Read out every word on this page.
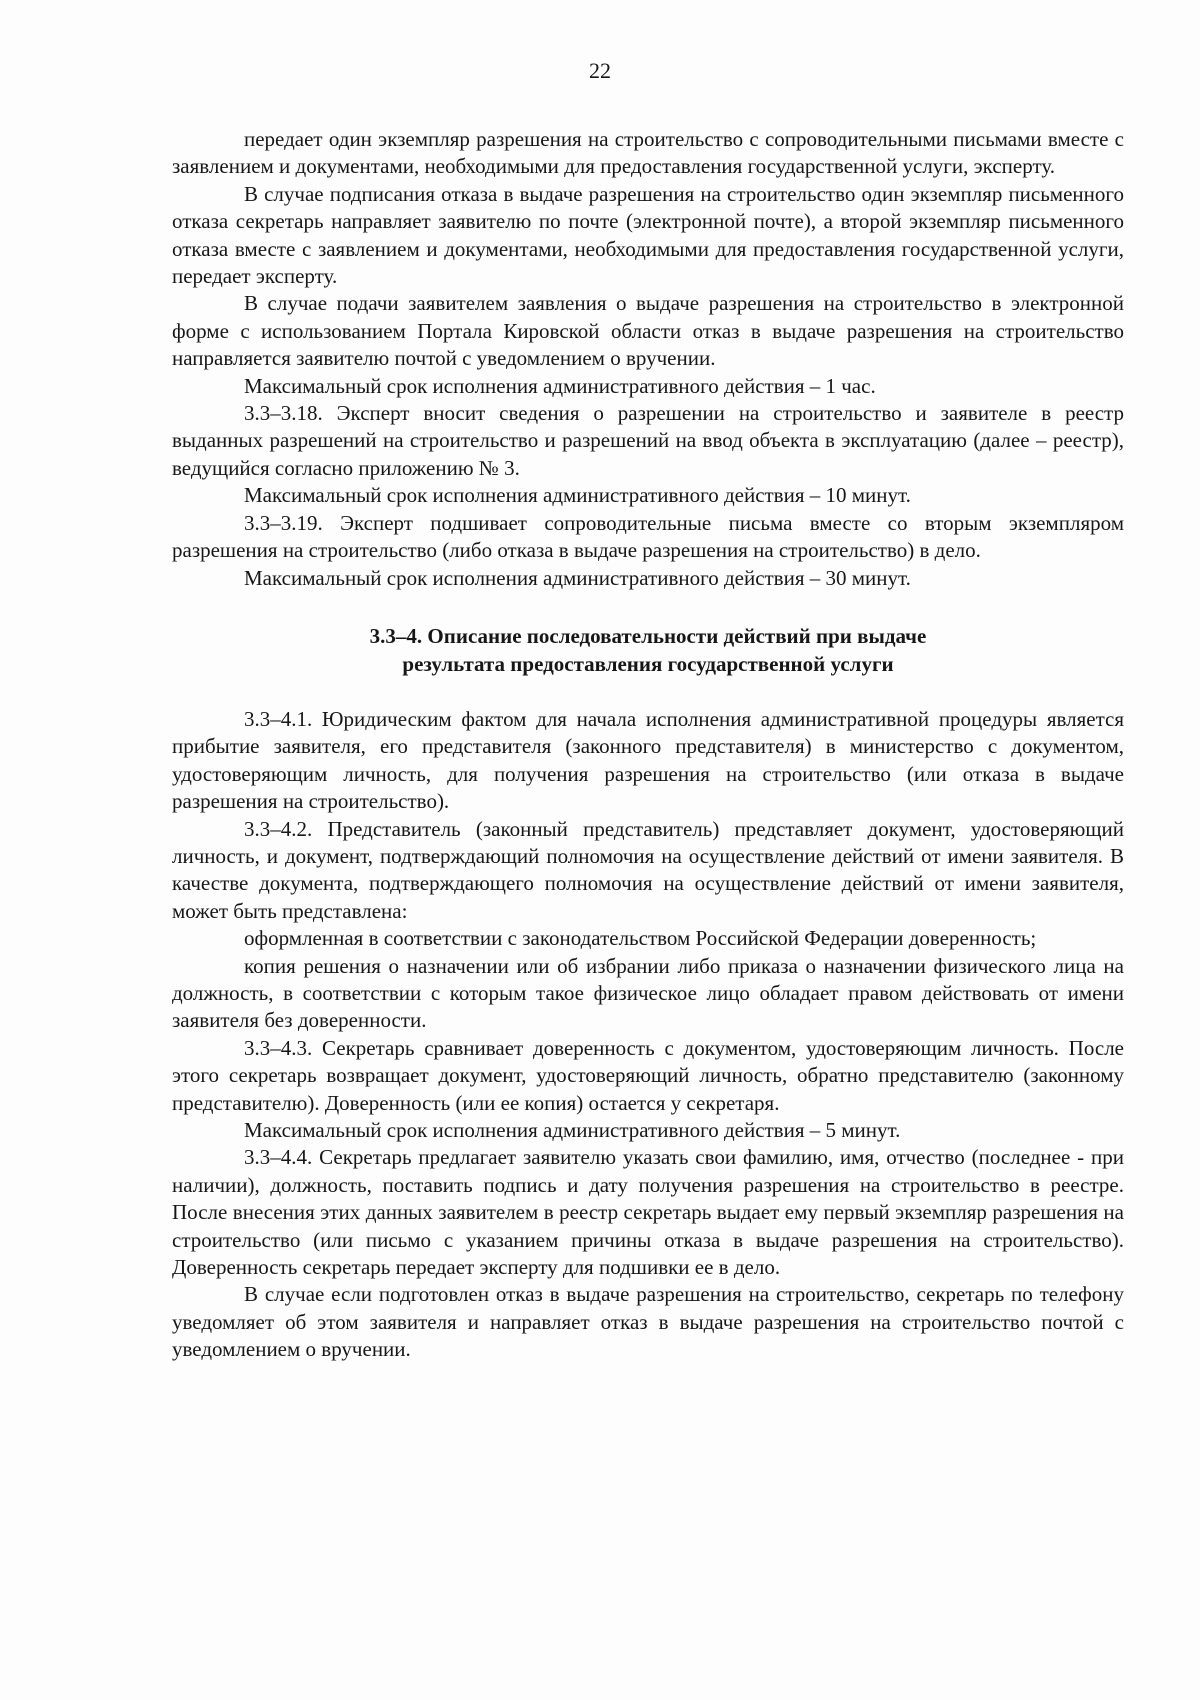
22

передает один экземпляр разрешения на строительство с сопроводительными письмами вместе с заявлением и документами, необходимыми для предоставления государственной услуги, эксперту.

В случае подписания отказа в выдаче разрешения на строительство один экземпляр письменного отказа секретарь направляет заявителю по почте (электронной почте), а второй экземпляр письменного отказа вместе с заявлением и документами, необходимыми для предоставления государственной услуги, передает эксперту.

В случае подачи заявителем заявления о выдаче разрешения на строительство в электронной форме с использованием Портала Кировской области отказ в выдаче разрешения на строительство направляется заявителю почтой с уведомлением о вручении.

Максимальный срок исполнения административного действия – 1 час.

3.3–3.18. Эксперт вносит сведения о разрешении на строительство и заявителе в реестр выданных разрешений на строительство и разрешений на ввод объекта в эксплуатацию (далее – реестр), ведущийся согласно приложению № 3.

Максимальный срок исполнения административного действия – 10 минут.

3.3–3.19. Эксперт подшивает сопроводительные письма вместе со вторым экземпляром разрешения на строительство (либо отказа в выдаче разрешения на строительство) в дело.

Максимальный срок исполнения административного действия – 30 минут.

3.3–4. Описание последовательности действий при выдаче
результата предоставления государственной услуги

3.3–4.1. Юридическим фактом для начала исполнения административной процедуры является прибытие заявителя, его представителя (законного представителя) в министерство с документом, удостоверяющим личность, для получения разрешения на строительство (или отказа в выдаче разрешения на строительство).

3.3–4.2. Представитель (законный представитель) представляет документ, удостоверяющий личность, и документ, подтверждающий полномочия на осуществление действий от имени заявителя. В качестве документа, подтверждающего полномочия на осуществление действий от имени заявителя, может быть представлена:

оформленная в соответствии с законодательством Российской Федерации доверенность;

копия решения о назначении или об избрании либо приказа о назначении физического лица на должность, в соответствии с которым такое физическое лицо обладает правом действовать от имени заявителя без доверенности.

3.3–4.3. Секретарь сравнивает доверенность с документом, удостоверяющим личность. После этого секретарь возвращает документ, удостоверяющий личность, обратно представителю (законному представителю). Доверенность (или ее копия) остается у секретаря.

Максимальный срок исполнения административного действия – 5 минут.

3.3–4.4. Секретарь предлагает заявителю указать свои фамилию, имя, отчество (последнее - при наличии), должность, поставить подпись и дату получения разрешения на строительство в реестре. После внесения этих данных заявителем в реестр секретарь выдает ему первый экземпляр разрешения на строительство (или письмо с указанием причины отказа в выдаче разрешения на строительство). Доверенность секретарь передает эксперту для подшивки ее в дело.

В случае если подготовлен отказ в выдаче разрешения на строительство, секретарь по телефону уведомляет об этом заявителя и направляет отказ в выдаче разрешения на строительство почтой с уведомлением о вручении.
